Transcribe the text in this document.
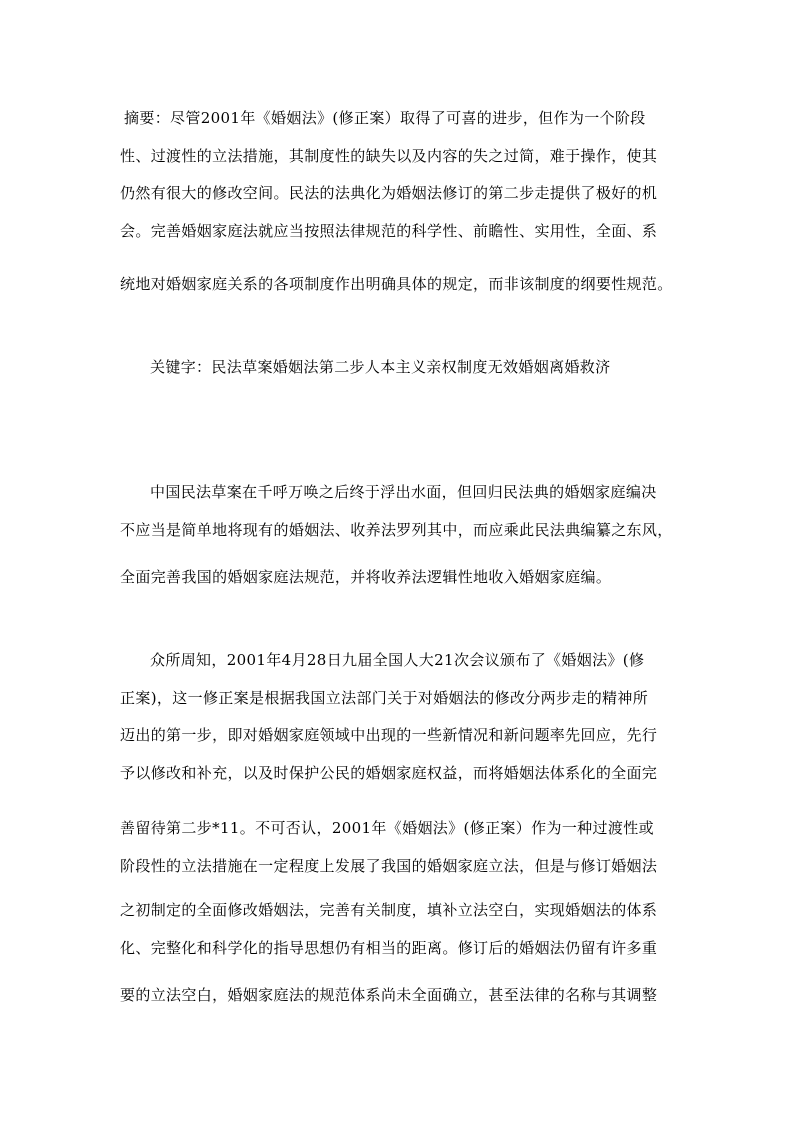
摘要：尽管2001年《婚姻法》(修正案）取得了可喜的进步，但作为一个阶段
性、过渡性的立法措施，其制度性的缺失以及内容的失之过简，难于操作，使其
仍然有很大的修改空间。民法的法典化为婚姻法修订的第二步走提供了极好的机
会。完善婚姻家庭法就应当按照法律规范的科学性、前瞻性、实用性，全面、系
统地对婚姻家庭关系的各项制度作出明确具体的规定，而非该制度的纲要性规范。
关键字：民法草案婚姻法第二步人本主义亲权制度无效婚姻离婚救济
中国民法草案在千呼万唤之后终于浮出水面，但回归民法典的婚姻家庭编决
不应当是简单地将现有的婚姻法、收养法罗列其中，而应乘此民法典编纂之东风，
全面完善我国的婚姻家庭法规范，并将收养法逻辑性地收入婚姻家庭编。
众所周知，2001年4月28日九届全国人大21次会议颁布了《婚姻法》(修
正案)，这一修正案是根据我国立法部门关于对婚姻法的修改分两步走的精神所
迈出的第一步，即对婚姻家庭领域中出现的一些新情况和新问题率先回应，先行
予以修改和补充，以及时保护公民的婚姻家庭权益，而将婚姻法体系化的全面完
善留待第二步*11。不可否认，2001年《婚姻法》(修正案）作为一种过渡性或
阶段性的立法措施在一定程度上发展了我国的婚姻家庭立法，但是与修订婚姻法
之初制定的全面修改婚姻法，完善有关制度，填补立法空白，实现婚姻法的体系
化、完整化和科学化的指导思想仍有相当的距离。修订后的婚姻法仍留有许多重
要的立法空白，婚姻家庭法的规范体系尚未全面确立，甚至法律的名称与其调整
